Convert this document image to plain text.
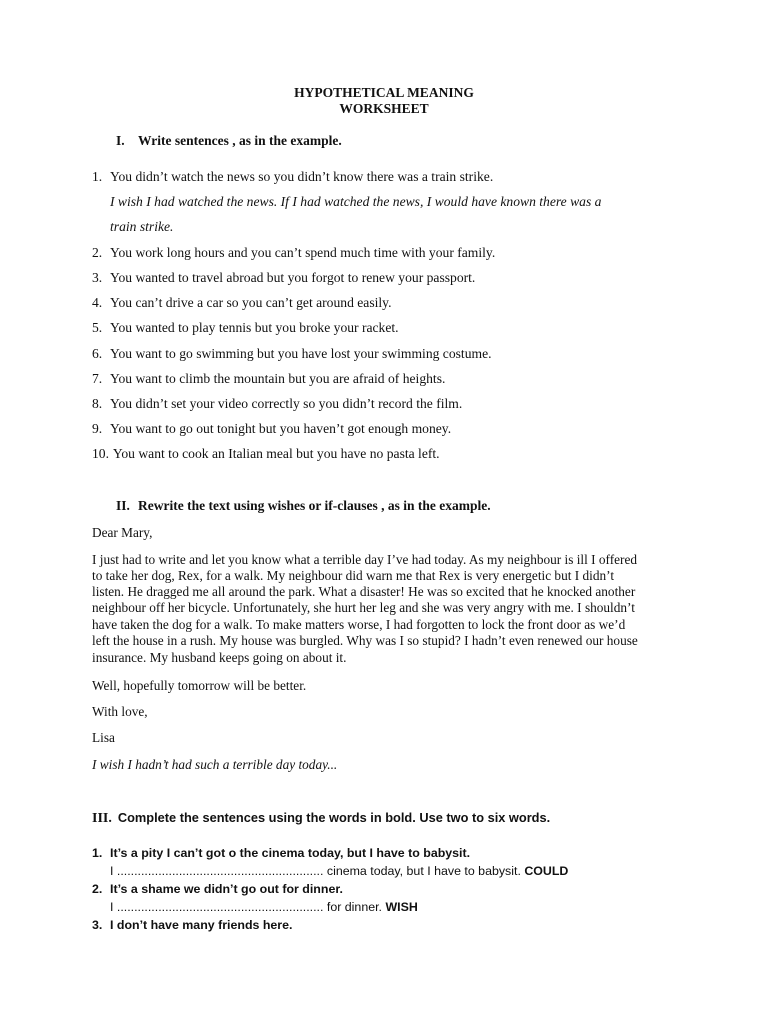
HYPOTHETICAL MEANING
WORKSHEET
I. Write sentences , as in the example.
1. You didn’t watch the news so you didn’t know there was a train strike.
I wish I had watched the news. If I had watched the news, I would have known there was a
train strike.
2. You work long hours and you can’t spend much time with your family.
3. You wanted to travel abroad but you forgot to renew your passport.
4. You can’t drive a car so you can’t get around easily.
5. You wanted to play tennis but you broke your racket.
6. You want to go swimming but you have lost your swimming costume.
7. You want to climb the mountain but you are afraid of heights.
8. You didn’t set your video correctly so you didn’t record the film.
9. You want to go out tonight but you haven’t got enough money.
10. You want to cook an Italian meal but you have no pasta left.
II. Rewrite the text using wishes or if-clauses , as in the example.
Dear Mary,
I just had to write and let you know what a terrible day I’ve had today. As my neighbour is ill I offered
to take her dog, Rex, for a walk. My neighbour did warn me that Rex is very energetic but I didn’t
listen. He dragged me all around the park. What a disaster! He was so excited that he knocked another
neighbour off her bicycle. Unfortunately, she hurt her leg and she was very angry with me. I shouldn’t
have taken the dog for a walk. To make matters worse, I had forgotten to lock the front door as we’d
left the house in a rush. My house was burgled. Why was I so stupid? I hadn’t even renewed our house
insurance. My husband keeps going on about it.
Well, hopefully tomorrow will be better.
With love,
Lisa
I wish I hadn’t had such a terrible day today...
III. Complete the sentences using the words in bold. Use two to six words.
1. It’s a pity I can’t got o the cinema today, but I have to babysit.
I ............................................................ cinema today, but I have to babysit. COULD
2. It’s a shame we didn’t go out for dinner.
I ............................................................ for dinner. WISH
3. I don’t have many friends here.
